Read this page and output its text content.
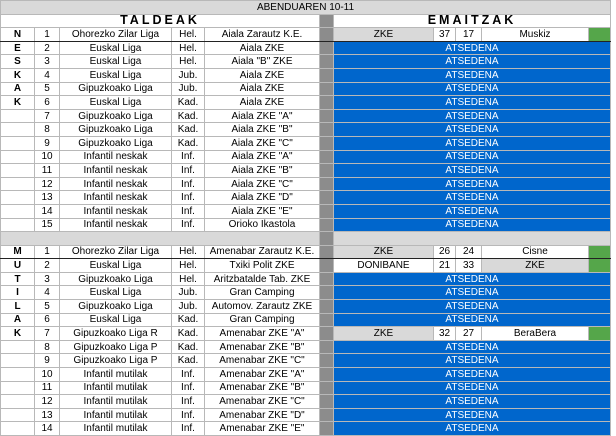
ABENDUAREN 10-11										
TALDEAK						EMAITZAK				
N	1	Ohorezko Zilar Liga	Hel.	Aiala Zarautz K.E.		ZKE	37	17	Muskiz	
E	2	Euskal Liga	Hel.	Aiala ZKE		ATSEDENA				
S	3	Euskal Liga	Hel.	Aiala "B" ZKE		ATSEDENA				
K	4	Euskal Liga	Jub.	Aiala ZKE		ATSEDENA				
A	5	Gipuzkoako Liga	Jub.	Aiala ZKE		ATSEDENA				
K	6	Euskal Liga	Kad.	Aiala ZKE		ATSEDENA				
	7	Gipuzkoako Liga	Kad.	Aiala ZKE "A"		ATSEDENA				
	8	Gipuzkoako Liga	Kad.	Aiala ZKE "B"		ATSEDENA				
	9	Gipuzkoako Liga	Kad.	Aiala ZKE "C"		ATSEDENA				
	10	Infantil neskak	Inf.	Aiala ZKE "A"		ATSEDENA				
	11	Infantil neskak	Inf.	Aiala ZKE "B"		ATSEDENA				
	12	Infantil neskak	Inf.	Aiala ZKE "C"		ATSEDENA				
	13	Infantil neskak	Inf.	Aiala ZKE "D"		ATSEDENA				
	14	Infantil neskak	Inf.	Aiala ZKE "E"		ATSEDENA				
	15	Infantil neskak	Inf.	Orioko Ikastola		ATSEDENA				

M	1	Ohorezko Zilar Liga	Hel.	Amenabar Zarautz K.E.		ZKE	26	24	Cisne	
U	2	Euskal Liga	Hel.	Txiki Polit ZKE		DONIBANE	21	33	ZKE	
T	3	Gipuzkoako Liga	Hel.	Aritzbatalde Tab. ZKE		ATSEDENA				
I	4	Euskal Liga	Jub.	Gran Camping		ATSEDENA				
L	5	Gipuzkoako Liga	Jub.	Automov. Zarautz ZKE		ATSEDENA				
A	6	Euskal Liga	Kad.	Gran Camping		ATSEDENA				
K	7	Gipuzkoako Liga R	Kad.	Amenabar ZKE "A"		ZKE	32	27	BeraBera	
	8	Gipuzkoako Liga P	Kad.	Amenabar ZKE "B"		ATSEDENA				
	9	Gipuzkoako Liga P	Kad.	Amenabar ZKE "C"		ATSEDENA				
	10	Infantil mutilak	Inf.	Amenabar ZKE "A"		ATSEDENA				
	11	Infantil mutilak	Inf.	Amenabar ZKE "B"		ATSEDENA				
	12	Infantil mutilak	Inf.	Amenabar ZKE "C"		ATSEDENA				
	13	Infantil mutilak	Inf.	Amenabar ZKE "D"		ATSEDENA				
	14	Infantil mutilak	Inf.	Amenabar ZKE "E"		ATSEDENA				
